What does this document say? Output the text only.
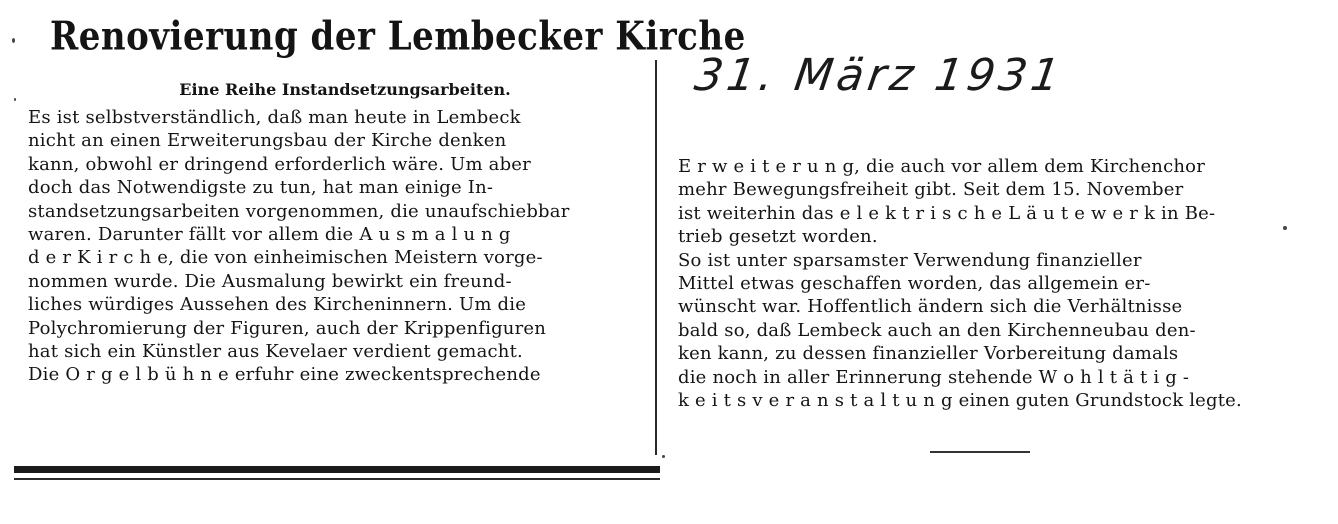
Renovierung der Lembecker Kirche
Eine Reihe Instandsetzungsarbeiten.
Es ist selbstverständlich, daß man heute in Lembeck
nicht an einen Erweiterungsbau der Kirche denken
kann, obwohl er dringend erforderlich wäre. Um aber
doch das Notwendigste zu tun, hat man einige In-
standsetzungsarbeiten vorgenommen, die unaufschiebbar
waren. Darunter fällt vor allem die A u s m a l u n g
d e r K i r c h e, die von einheimischen Meistern vorge-
nommen wurde. Die Ausmalung bewirkt ein freund-
liches würdiges Aussehen des Kircheninnern. Um die
Polychromierung der Figuren, auch der Krippenfiguren
hat sich ein Künstler aus Kevelaer verdient gemacht.
Die O r g e l b ü h n e erfuhr eine zweckentsprechende
31. März 1931
E r w e i t e r u n g, die auch vor allem dem Kirchenchor
mehr Bewegungsfreiheit gibt. Seit dem 15. November
ist weiterhin das e l e k t r i s c h e L ä u t e w e r k in Be-
trieb gesetzt worden.
So ist unter sparsamster Verwendung finanzieller
Mittel etwas geschaffen worden, das allgemein er-
wünscht war. Hoffentlich ändern sich die Verhältnisse
bald so, daß Lembeck auch an den Kirchenneubau den-
ken kann, zu dessen finanzieller Vorbereitung damals
die noch in aller Erinnerung stehende W o h l t ä t i g -
k e i t s v e r a n s t a l t u n g einen guten Grundstock legte.
